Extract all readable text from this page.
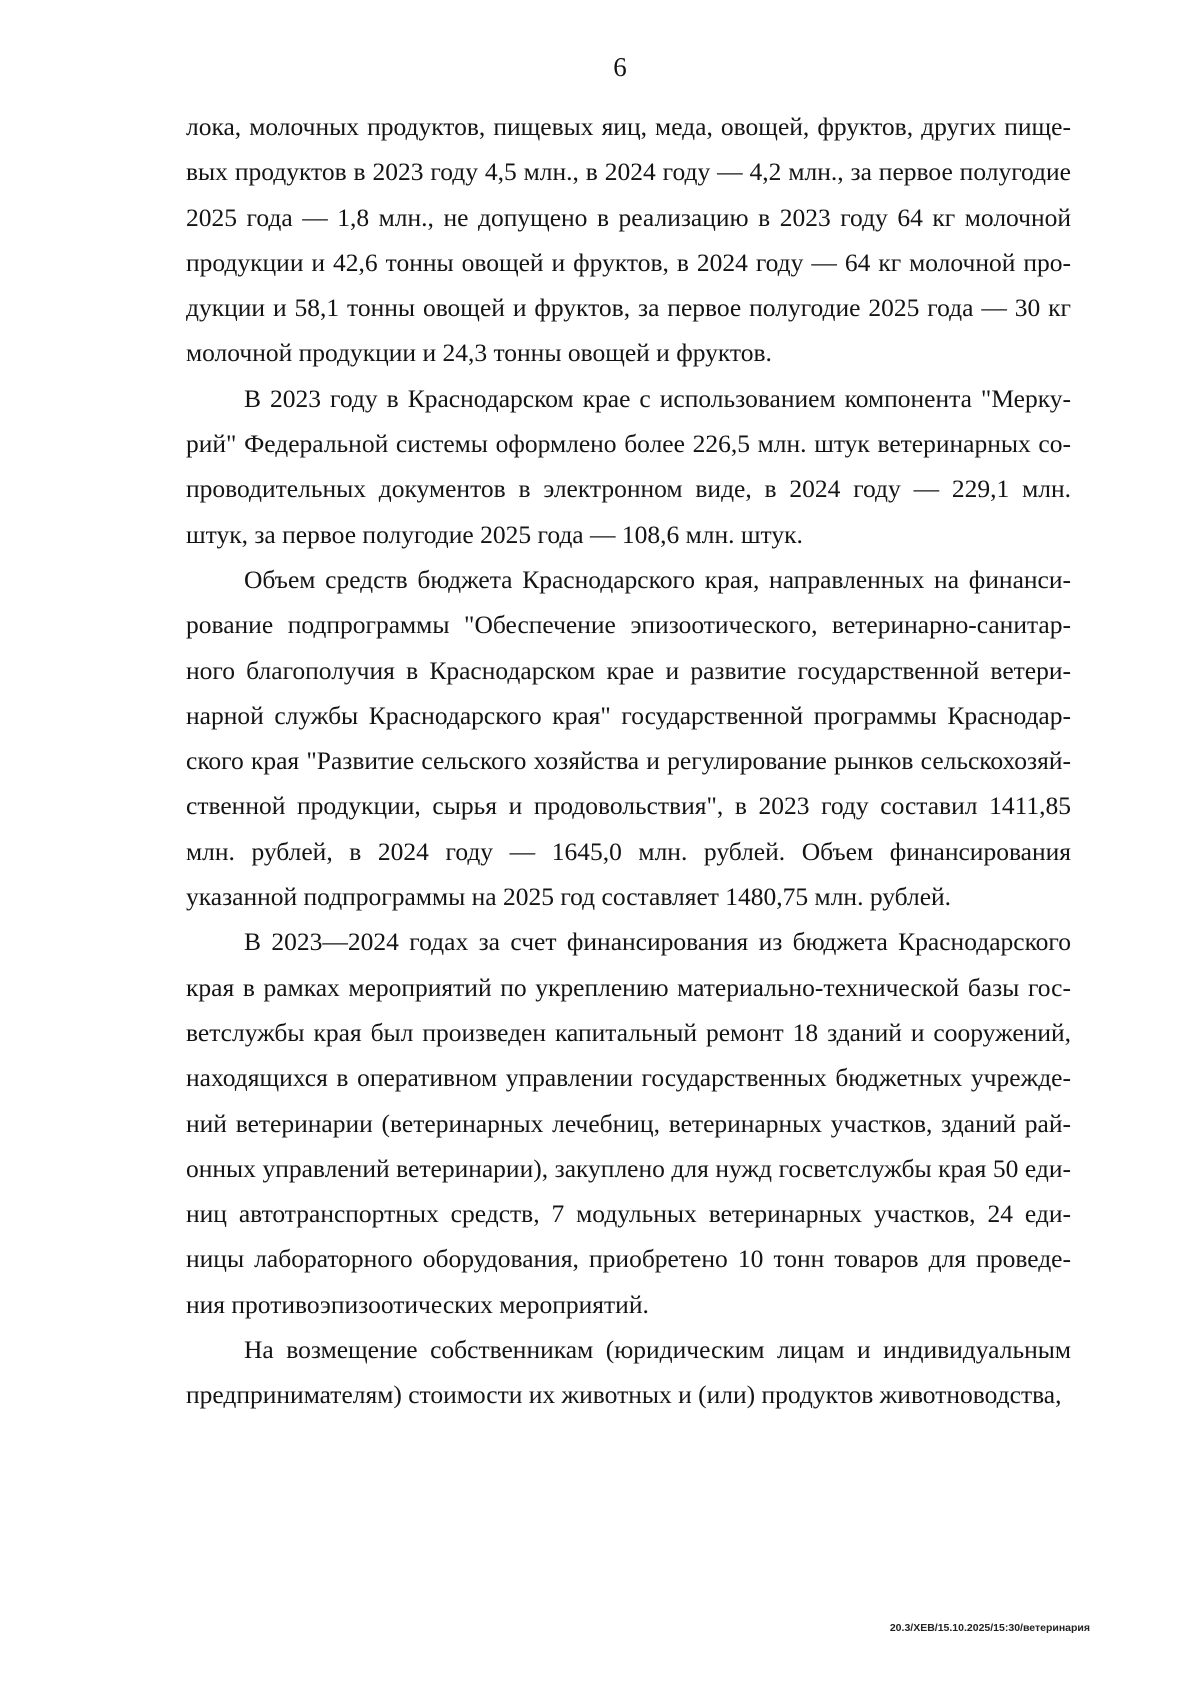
6

лока, молочных продуктов, пищевых яиц, меда, овощей, фруктов, других пищевых продуктов в 2023 году 4,5 млн., в 2024 году — 4,2 млн., за первое полугодие 2025 года — 1,8 млн., не допущено в реализацию в 2023 году 64 кг молочной продукции и 42,6 тонны овощей и фруктов, в 2024 году — 64 кг молочной продукции и 58,1 тонны овощей и фруктов, за первое полугодие 2025 года — 30 кг молочной продукции и 24,3 тонны овощей и фруктов.

В 2023 году в Краснодарском крае с использованием компонента "Меркурий" Федеральной системы оформлено более 226,5 млн. штук ветеринарных сопроводительных документов в электронном виде, в 2024 году — 229,1 млн. штук, за первое полугодие 2025 года — 108,6 млн. штук.

Объем средств бюджета Краснодарского края, направленных на финансирование подпрограммы "Обеспечение эпизоотического, ветеринарно-санитарного благополучия в Краснодарском крае и развитие государственной ветеринарной службы Краснодарского края" государственной программы Краснодарского края "Развитие сельского хозяйства и регулирование рынков сельскохозяйственной продукции, сырья и продовольствия", в 2023 году составил 1411,85 млн. рублей, в 2024 году — 1645,0 млн. рублей. Объем финансирования указанной подпрограммы на 2025 год составляет 1480,75 млн. рублей.

В 2023—2024 годах за счет финансирования из бюджета Краснодарского края в рамках мероприятий по укреплению материально-технической базы госветслужбы края был произведен капитальный ремонт 18 зданий и сооружений, находящихся в оперативном управлении государственных бюджетных учреждений ветеринарии (ветеринарных лечебниц, ветеринарных участков, зданий районных управлений ветеринарии), закуплено для нужд госветслужбы края 50 единиц автотранспортных средств, 7 модульных ветеринарных участков, 24 единицы лабораторного оборудования, приобретено 10 тонн товаров для проведения противоэпизоотических мероприятий.

На возмещение собственникам (юридическим лицам и индивидуальным предпринимателям) стоимости их животных и (или) продуктов животноводства,

20.3/ХЕВ/15.10.2025/15:30/ветеринария
